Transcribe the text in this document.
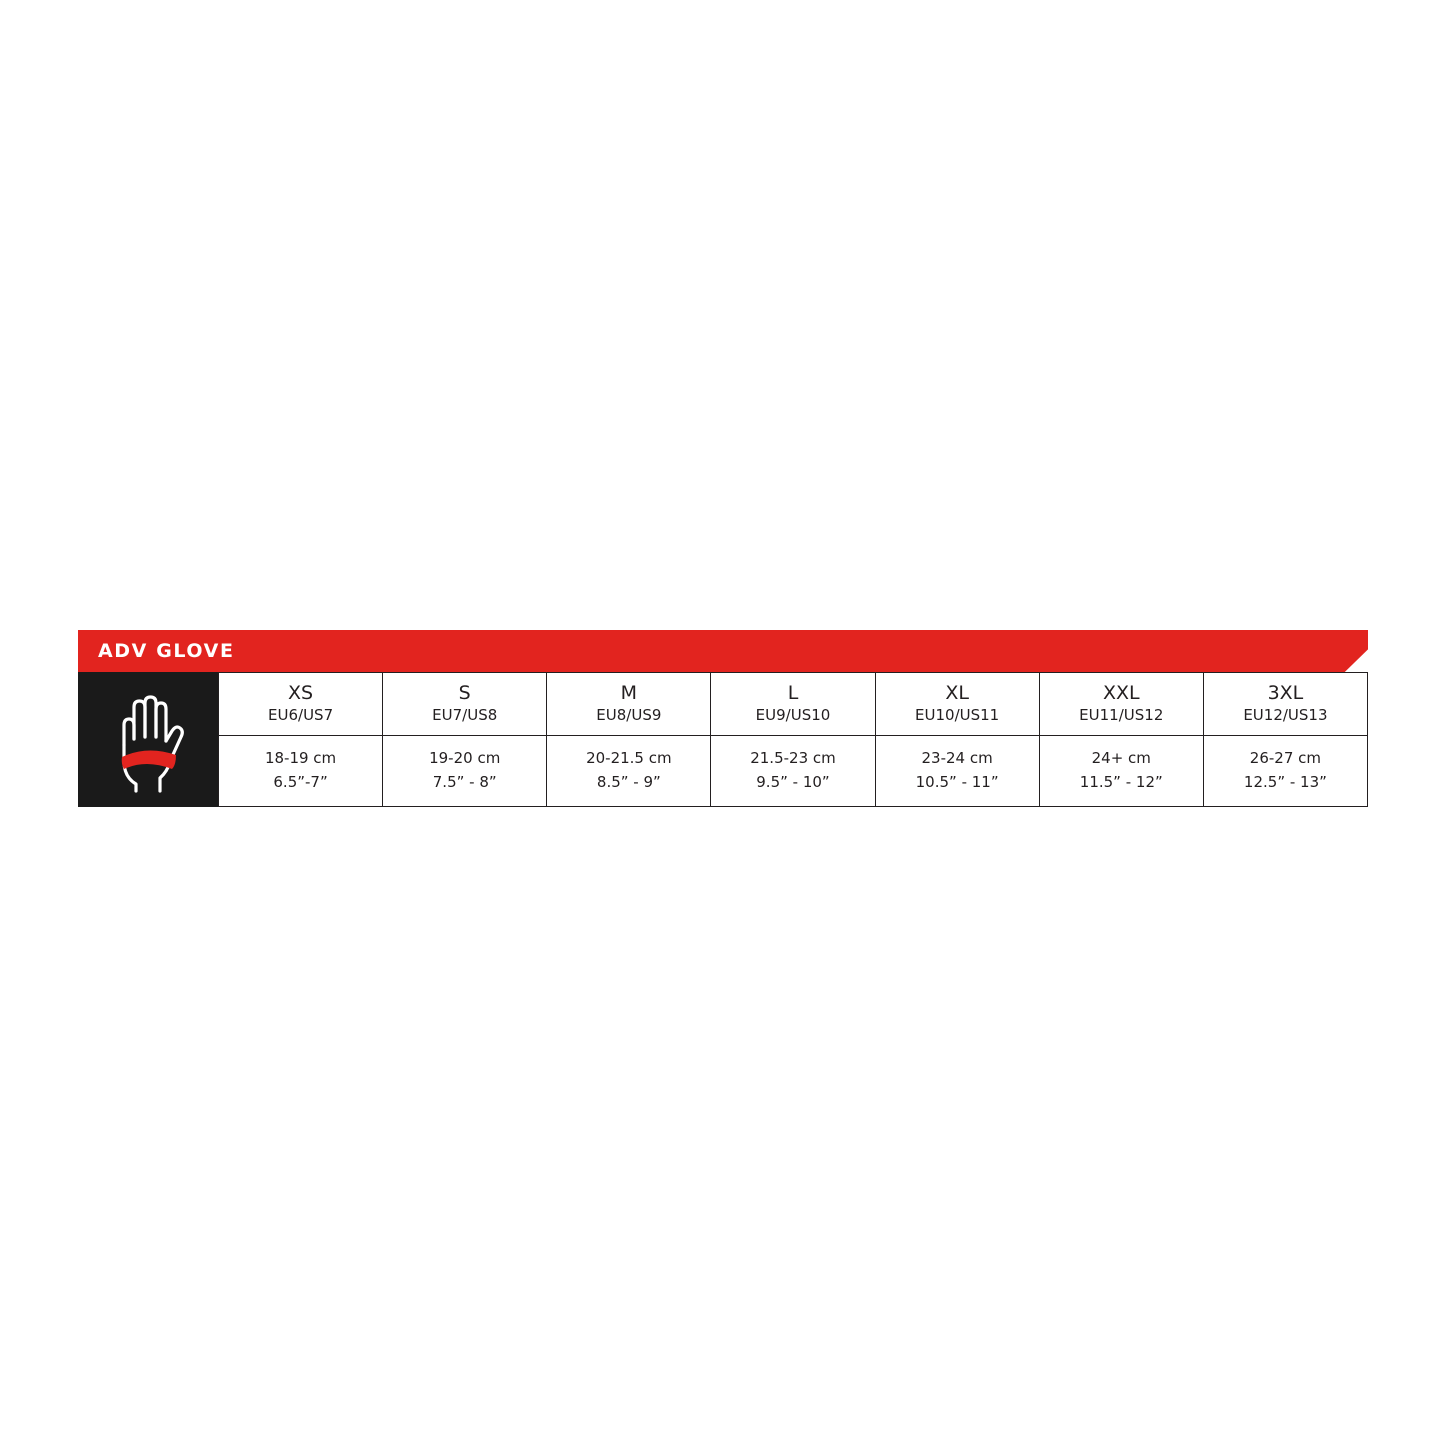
ADV GLOVE
XS
EU6/US7
S
EU7/US8
M
EU8/US9
L
EU9/US10
XL
EU10/US11
XXL
EU11/US12
3XL
EU12/US13
18-19 cm
6.5”-7”
19-20 cm
7.5” - 8”
20-21.5 cm
8.5” - 9”
21.5-23 cm
9.5” - 10”
23-24 cm
10.5” - 11”
24+ cm
11.5” - 12”
26-27 cm
12.5” - 13”
